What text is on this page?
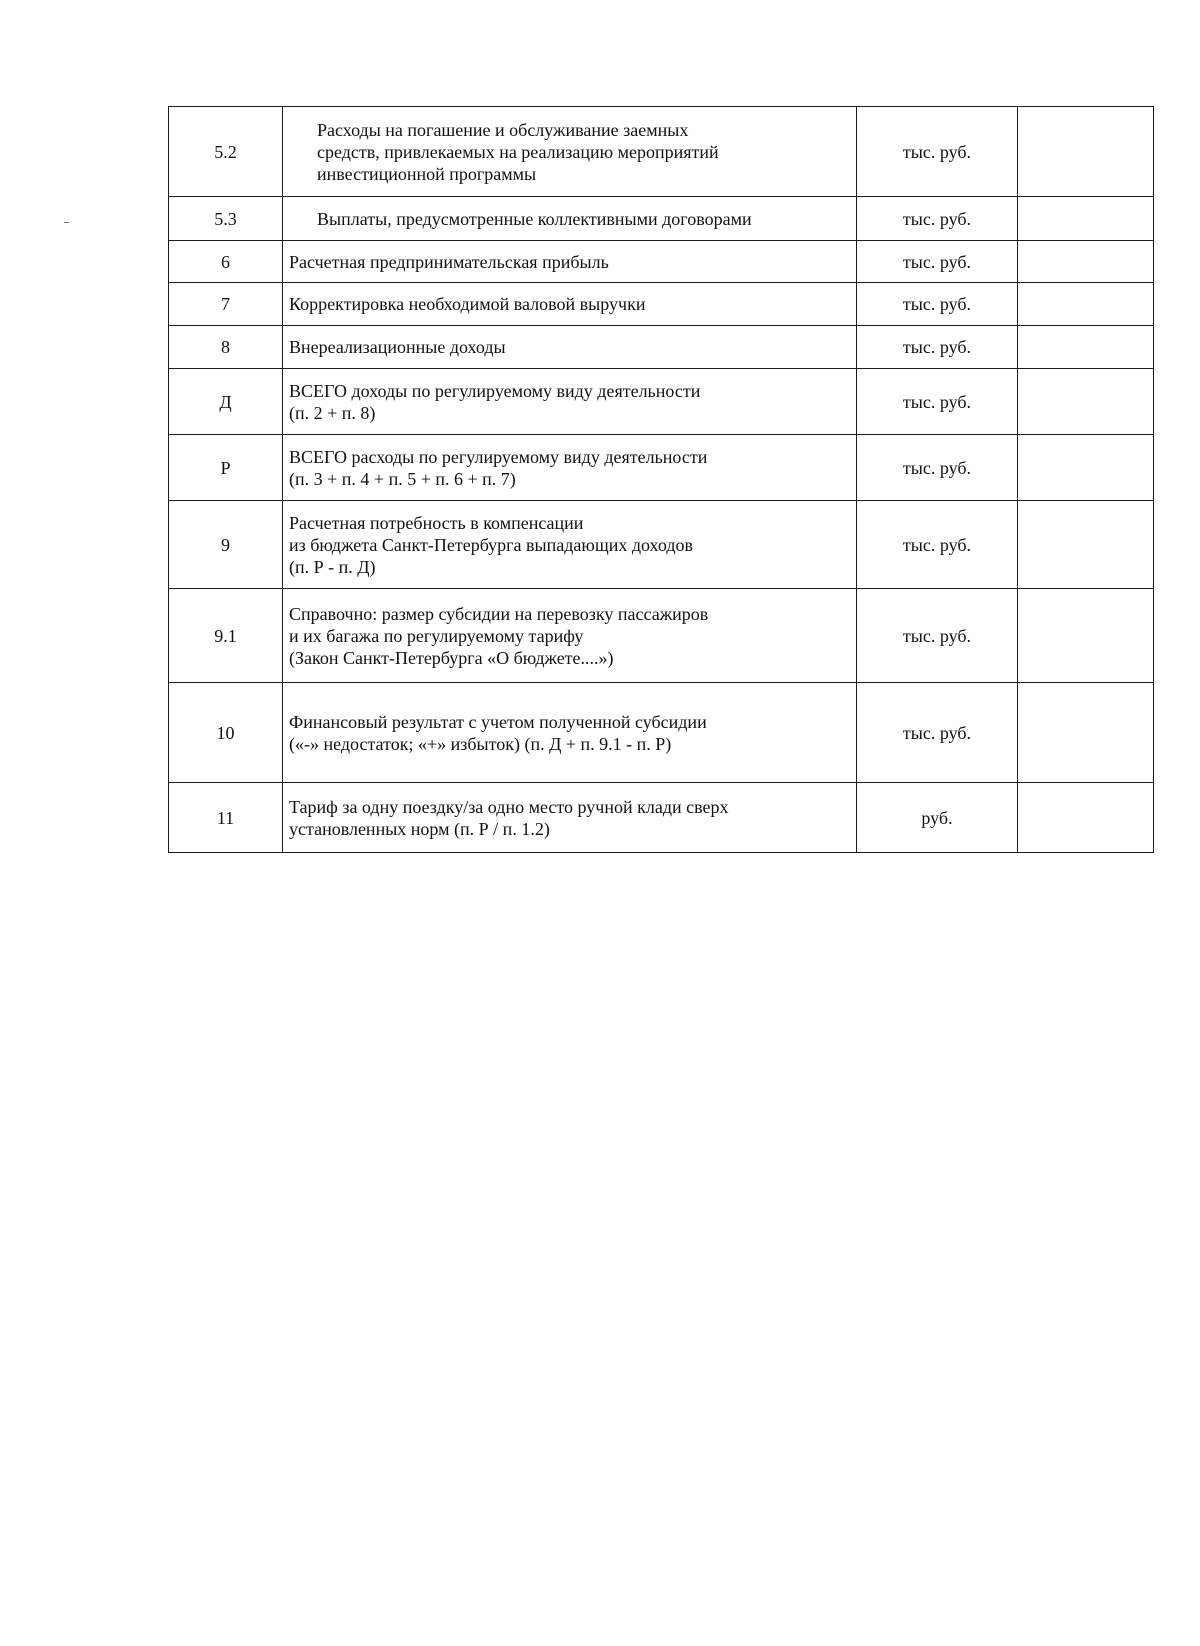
5.2	Расходы на погашение и обслуживание заемных
средств, привлекаемых на реализацию мероприятий
инвестиционной программы	тыс. руб.	
5.3	Выплаты, предусмотренные коллективными договорами	тыс. руб.	
6	Расчетная предпринимательская прибыль	тыс. руб.	
7	Корректировка необходимой валовой выручки	тыс. руб.	
8	Внереализационные доходы	тыс. руб.	
Д	ВСЕГО доходы по регулируемому виду деятельности
(п. 2 + п. 8)	тыс. руб.	
Р	ВСЕГО расходы по регулируемому виду деятельности
(п. 3 + п. 4 + п. 5 + п. 6 + п. 7)	тыс. руб.	
9	Расчетная потребность в компенсации
из бюджета Санкт-Петербурга выпадающих доходов
(п. Р - п. Д)	тыс. руб.	
9.1	Справочно: размер субсидии на перевозку пассажиров
и их багажа по регулируемому тарифу
(Закон Санкт-Петербурга «О бюджете....»)	тыс. руб.	
10	Финансовый результат с учетом полученной субсидии
(«-» недостаток; «+» избыток) (п. Д + п. 9.1 - п. Р)	тыс. руб.	
11	Тариф за одну поездку/за одно место ручной клади сверх
установленных норм (п. Р / п. 1.2)	руб.	
